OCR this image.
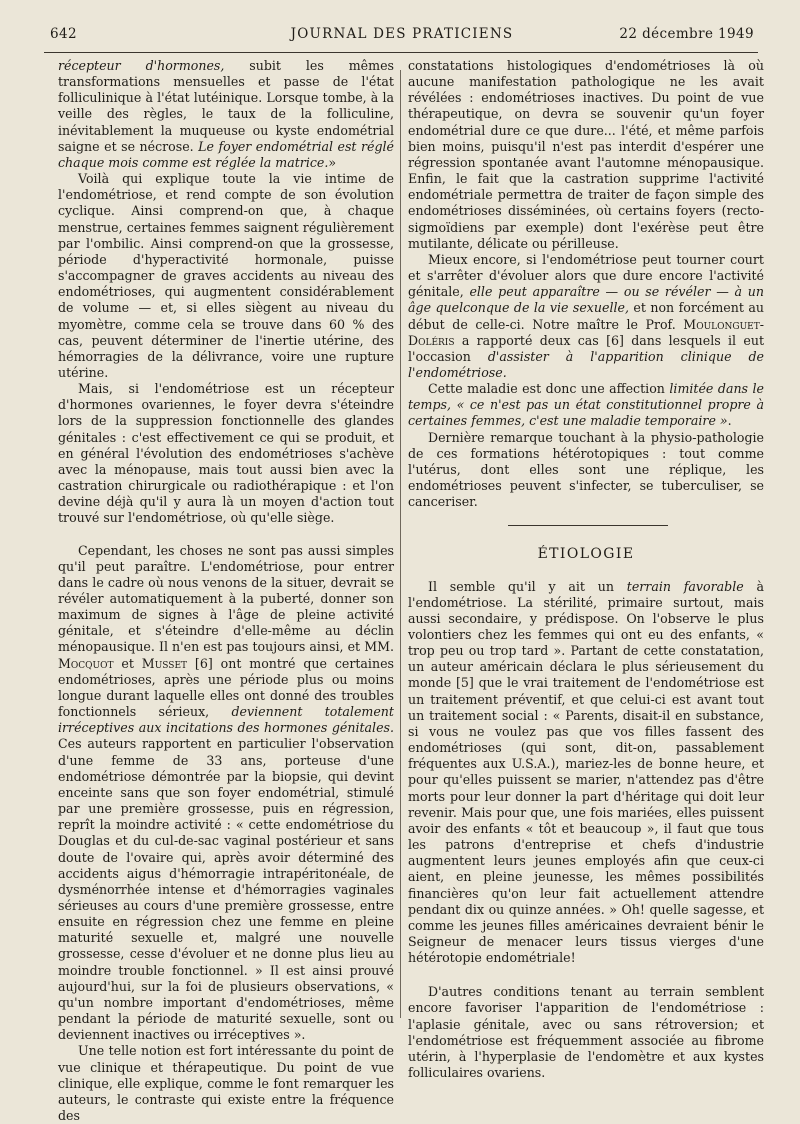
642	JOURNAL DES PRATICIENS	22 décembre 1949

récepteur d'hormones, subit les mêmes transformations mensuelles et passe de l'état folliculinique à l'état lutéinique. Lorsque tombe, à la veille des règles, le taux de la folliculine, inévitablement la muqueuse ou kyste endométrial saigne et se nécrose. Le foyer endométrial est réglé chaque mois comme est réglée la matrice.»

Voilà qui explique toute la vie intime de l'endométriose, et rend compte de son évolution cyclique. Ainsi comprend-on que, à chaque menstrue, certaines femmes saignent régulièrement par l'ombilic. Ainsi comprend-on que la grossesse, période d'hyperactivité hormonale, puisse s'accompagner de graves accidents au niveau des endométrioses, qui augmentent considérablement de volume — et, si elles siègent au niveau du myomètre, comme cela se trouve dans 60 % des cas, peuvent déterminer de l'inertie utérine, des hémorragies de la délivrance, voire une rupture utérine.

Mais, si l'endométriose est un récepteur d'hormones ovariennes, le foyer devra s'éteindre lors de la suppression fonctionnelle des glandes génitales : c'est effectivement ce qui se produit, et en général l'évolution des endométrioses s'achève avec la ménopause, mais tout aussi bien avec la castration chirurgicale ou radiothérapique : et l'on devine déjà qu'il y aura là un moyen d'action tout trouvé sur l'endométriose, où qu'elle siège.

Cependant, les choses ne sont pas aussi simples qu'il peut paraître. L'endométriose, pour entrer dans le cadre où nous venons de la situer, devrait se révéler automatiquement à la puberté, donner son maximum de signes à l'âge de pleine activité génitale, et s'éteindre d'elle-même au déclin ménopausique. Il n'en est pas toujours ainsi, et MM. Mocquot et Musset [6] ont montré que certaines endométrioses, après une période plus ou moins longue durant laquelle elles ont donné des troubles fonctionnels sérieux, deviennent totalement irréceptives aux incitations des hormones génitales. Ces auteurs rapportent en particulier l'observation d'une femme de 33 ans, porteuse d'une endométriose démontrée par la biopsie, qui devint enceinte sans que son foyer endométrial, stimulé par une première grossesse, puis en régression, reprît la moindre activité : « cette endométriose du Douglas et du cul-de-sac vaginal postérieur et sans doute de l'ovaire qui, après avoir déterminé des accidents aigus d'hémorragie intrapéritonéale, de dysménorrhée intense et d'hémorragies vaginales sérieuses au cours d'une première grossesse, entre ensuite en régression chez une femme en pleine maturité sexuelle et, malgré une nouvelle grossesse, cesse d'évoluer et ne donne plus lieu au moindre trouble fonctionnel. » Il est ainsi prouvé aujourd'hui, sur la foi de plusieurs observations, « qu'un nombre important d'endométrioses, même pendant la période de maturité sexuelle, sont ou deviennent inactives ou irréceptives ».

Une telle notion est fort intéressante du point de vue clinique et thérapeutique. Du point de vue clinique, elle explique, comme le font remarquer les auteurs, le contraste qui existe entre la fréquence des

constatations histologiques d'endométrioses là où aucune manifestation pathologique ne les avait révélées : endométrioses inactives. Du point de vue thérapeutique, on devra se souvenir qu'un foyer endométrial dure ce que dure... l'été, et même parfois bien moins, puisqu'il n'est pas interdit d'espérer une régression spontanée avant l'automne ménopausique. Enfin, le fait que la castration supprime l'activité endométriale permettra de traiter de façon simple des endométrioses disséminées, où certains foyers (recto-sigmoïdiens par exemple) dont l'exérèse peut être mutilante, délicate ou périlleuse.

Mieux encore, si l'endométriose peut tourner court et s'arrêter d'évoluer alors que dure encore l'activité génitale, elle peut apparaître — ou se révéler — à un âge quelconque de la vie sexuelle, et non forcément au début de celle-ci. Notre maître le Prof. Moulonguet-Doléris a rapporté deux cas [6] dans lesquels il eut l'occasion d'assister à l'apparition clinique de l'endométriose.

Cette maladie est donc une affection limitée dans le temps, « ce n'est pas un état constitutionnel propre à certaines femmes, c'est une maladie temporaire ».

Dernière remarque touchant à la physio-pathologie de ces formations hétérotopiques : tout comme l'utérus, dont elles sont une réplique, les endométrioses peuvent s'infecter, se tuberculiser, se canceriser.

ÉTIOLOGIE

Il semble qu'il y ait un terrain favorable à l'endométriose. La stérilité, primaire surtout, mais aussi secondaire, y prédispose. On l'observe le plus volontiers chez les femmes qui ont eu des enfants, « trop peu ou trop tard ». Partant de cette constatation, un auteur américain déclara le plus sérieusement du monde [5] que le vrai traitement de l'endométriose est un traitement préventif, et que celui-ci est avant tout un traitement social : « Parents, disait-il en substance, si vous ne voulez pas que vos filles fassent des endométrioses (qui sont, dit-on, passablement fréquentes aux U.S.A.), mariez-les de bonne heure, et pour qu'elles puissent se marier, n'attendez pas d'être morts pour leur donner la part d'héritage qui doit leur revenir. Mais pour que, une fois mariées, elles puissent avoir des enfants « tôt et beaucoup », il faut que tous les patrons d'entreprise et chefs d'industrie augmentent leurs jeunes employés afin que ceux-ci aient, en pleine jeunesse, les mêmes possibilités financières qu'on leur fait actuellement attendre pendant dix ou quinze années. » Oh! quelle sagesse, et comme les jeunes filles américaines devraient bénir le Seigneur de menacer leurs tissus vierges d'une hétérotopie endométriale!

D'autres conditions tenant au terrain semblent encore favoriser l'apparition de l'endométriose : l'aplasie génitale, avec ou sans rétroversion; et l'endométriose est fréquemment associée au fibrome utérin, à l'hyperplasie de l'endomètre et aux kystes folliculaires ovariens.
